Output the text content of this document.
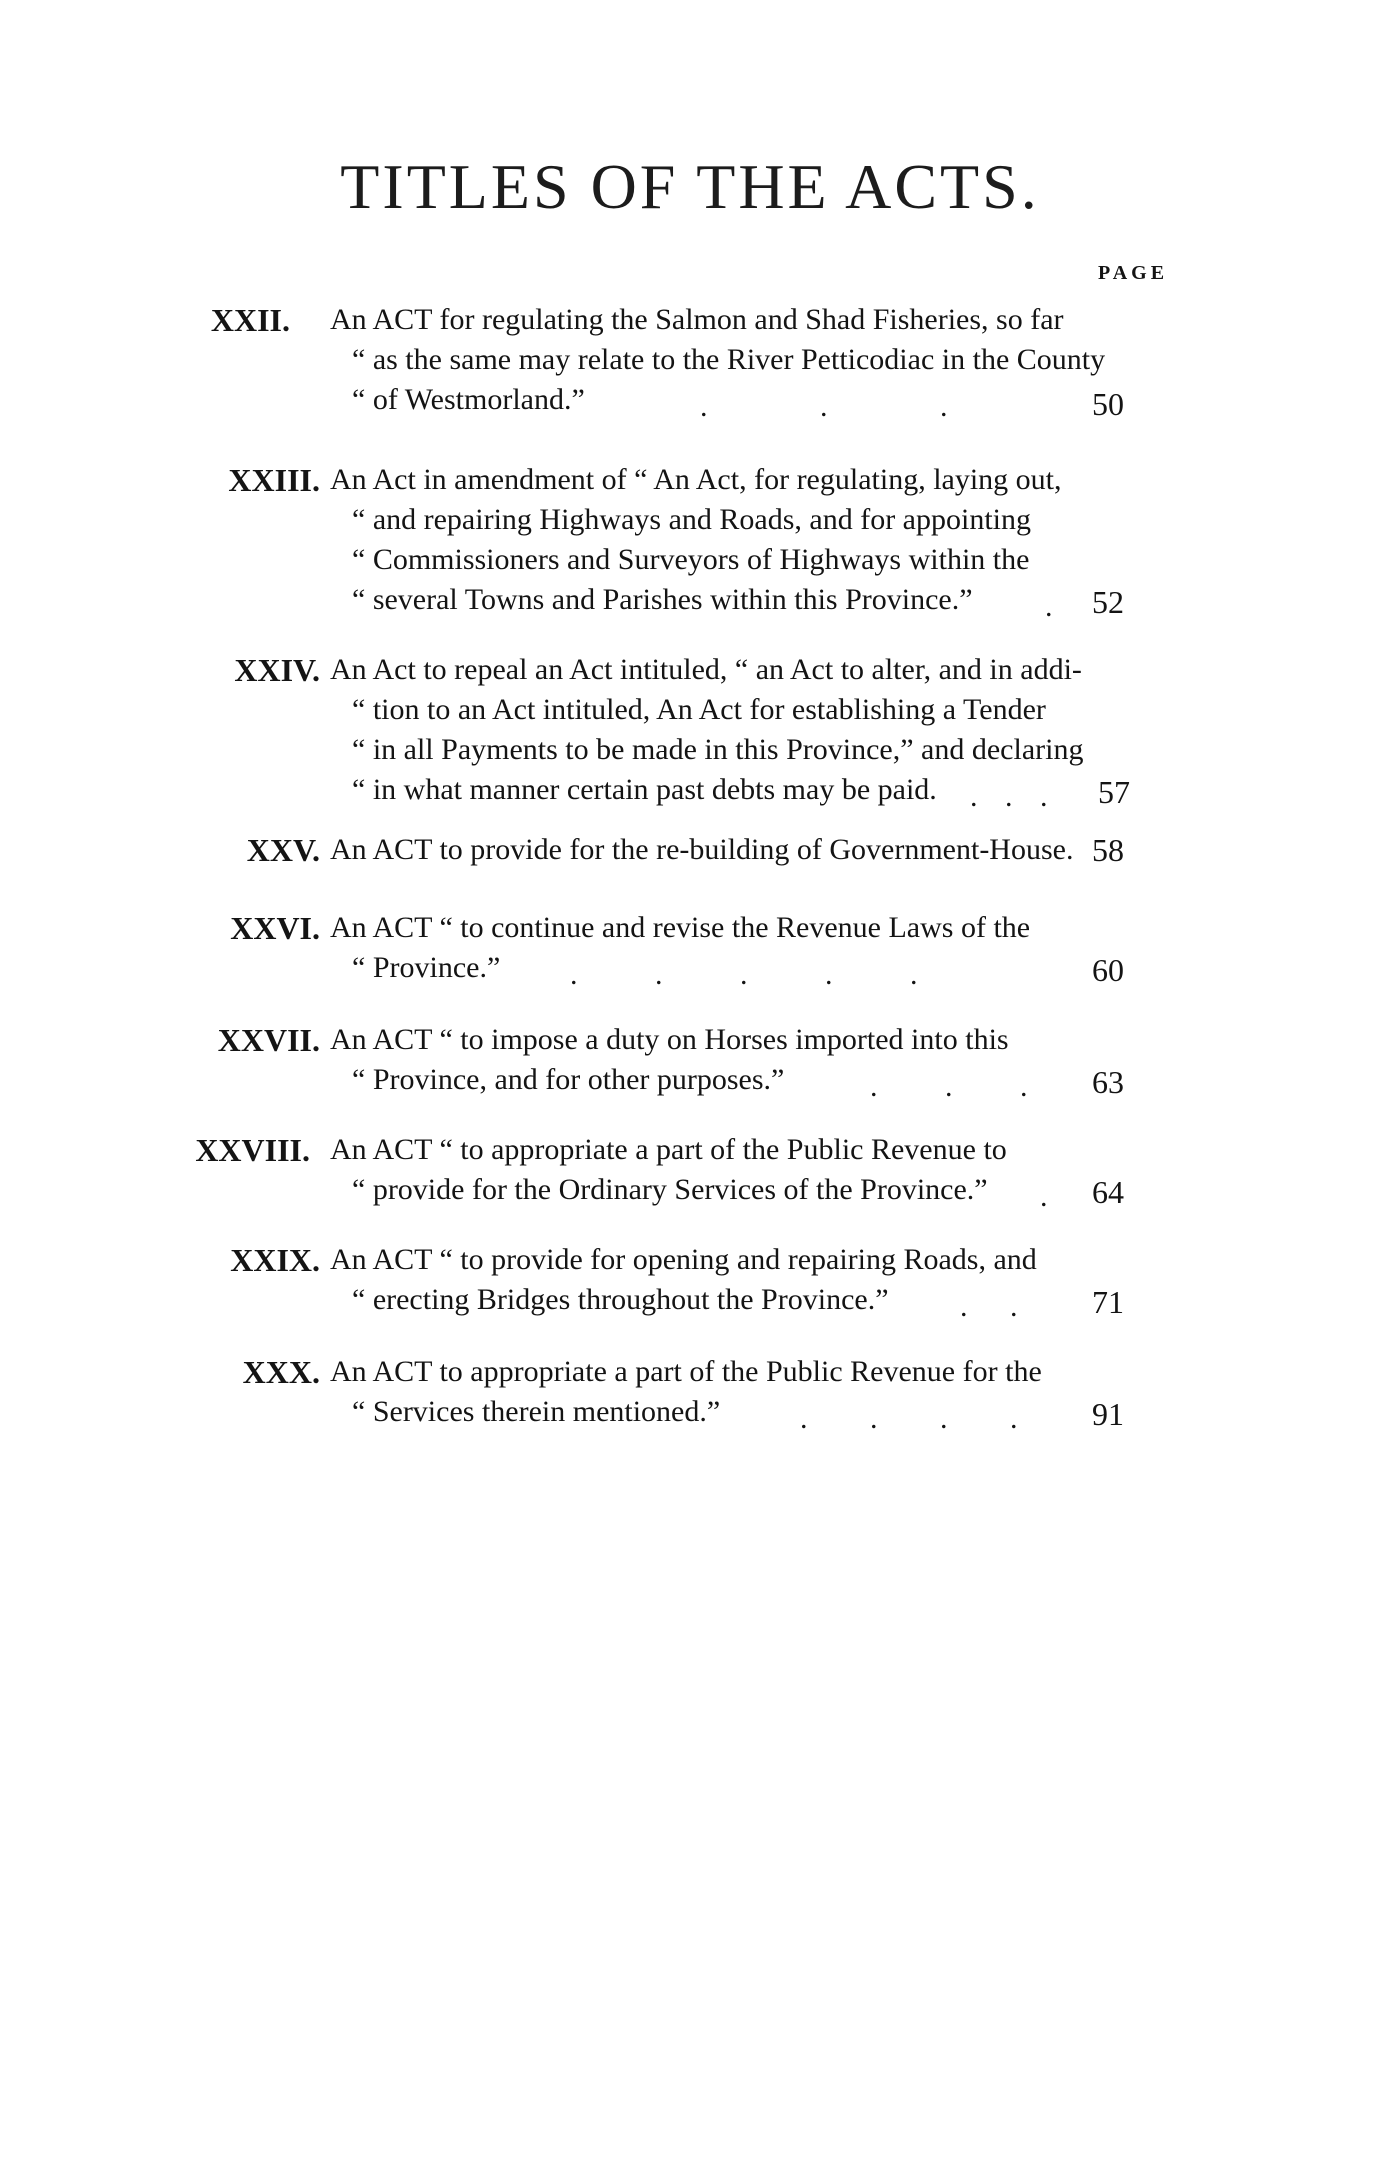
TITLES OF THE ACTS.
PAGE
XXII. An ACT for regulating the Salmon and Shad Fisheries, so far
“ as the same may relate to the River Petticodiac in the County
“ of Westmorland.”	.	.	.	50
XXIII. An Act in amendment of “ An Act, for regulating, laying out,
“ and repairing Highways and Roads, and for appointing
“ Commissioners and Surveyors of Highways within the
“ several Towns and Parishes within this Province.”	. 52
XXIV. An Act to repeal an Act intituled, “ an Act to alter, and in addi-
“ tion to an Act intituled, An Act for establishing a Tender
“ in all Payments to be made in this Province,” and declaring
“ in what manner certain past debts may be paid.	. . . 57
XXV. An ACT to provide for the re-building of Government-House. 58
XXVI. An ACT “ to continue and revise the Revenue Laws of the
“ Province.”	.	.	.	.	.	60
XXVII. An ACT “ to impose a duty on Horses imported into this
“ Province, and for other purposes.”	. . . 63
XXVIII. An ACT “ to appropriate a part of the Public Revenue to
“ provide for the Ordinary Services of the Province.”	. 64
XXIX. An ACT “ to provide for opening and repairing Roads, and
“ erecting Bridges throughout the Province.”	. . 71
XXX. An ACT to appropriate a part of the Public Revenue for the
“ Services therein mentioned.”	. . . . 91
